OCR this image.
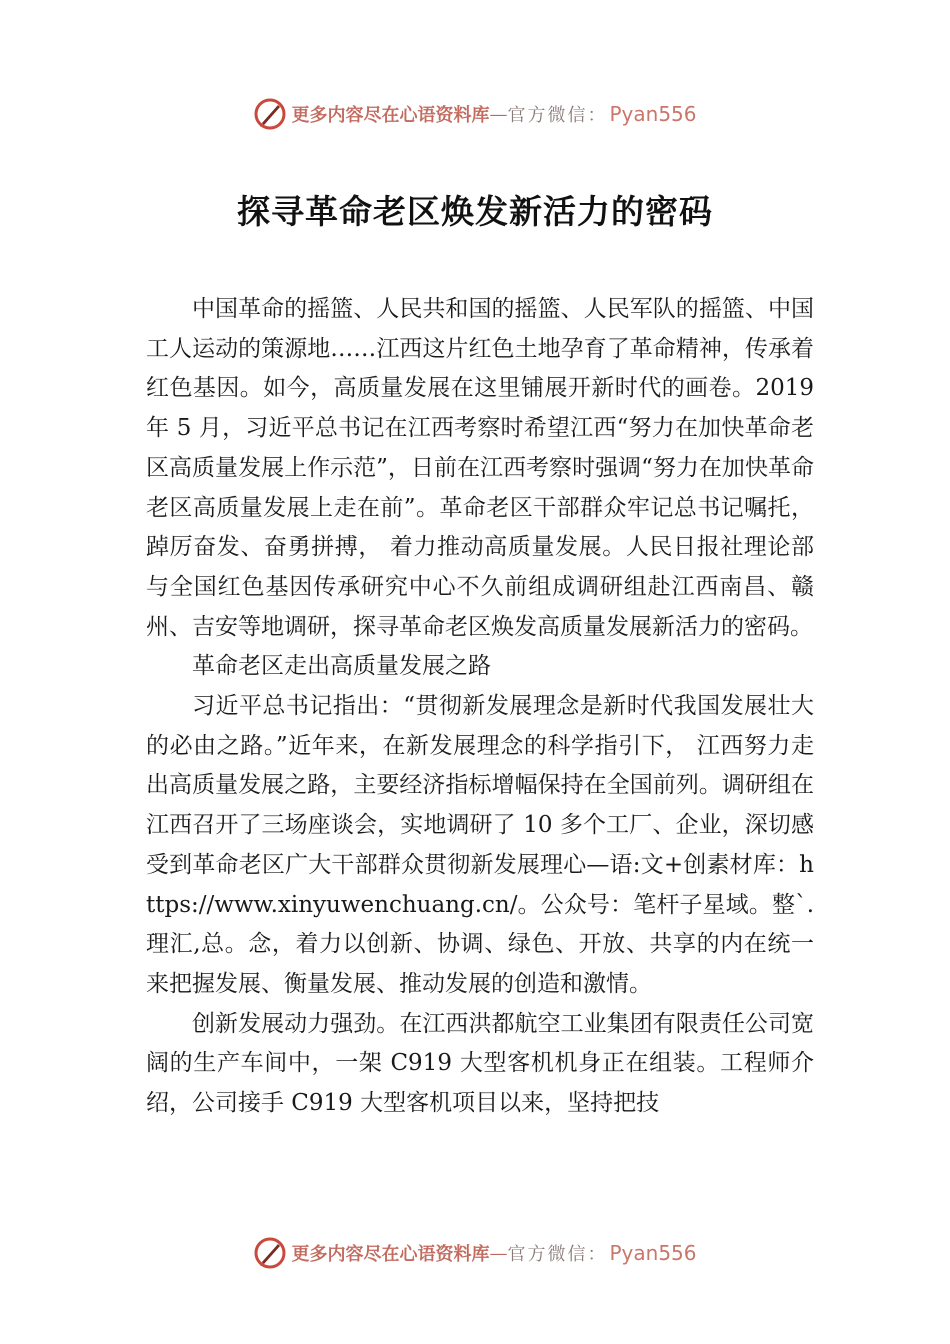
更多内容尽在心语资料库 — 官方微信： Pyan556
探寻革命老区焕发新活力的密码

中国革命的摇篮、人民共和国的摇篮、人民军队的摇篮、中国工人运动的策源地……江西这片红色土地孕育了革命精神，传承着红色基因。如今，高质量发展在这里铺展开新时代的画卷。2019 年 5 月，习近平总书记在江西考察时希望江西“努力在加快革命老区高质量发展上作示范”，日前在江西考察时强调“努力在加快革命老区高质量发展上走在前”。革命老区干部群众牢记总书记嘱托，踔厉奋发、奋勇拼搏， 着力推动高质量发展。人民日报社理论部与全国红色基因传承研究中心不久前组成调研组赴江西南昌、赣州、吉安等地调研，探寻革命老区焕发高质量发展新活力的密码。

革命老区走出高质量发展之路

习近平总书记指出：“贯彻新发展理念是新时代我国发展壮大的必由之路。”近年来，在新发展理念的科学指引下， 江西努力走出高质量发展之路，主要经济指标增幅保持在全国前列。调研组在江西召开了三场座谈会，实地调研了 10 多个工厂、企业，深切感受到革命老区广大干部群众贯彻新发展理心—语:文+创素材库：https://www.xinyuwenchuang.cn/。公众号：笔杆子星域。整`.理汇,总。念，着力以创新、协调、绿色、开放、共享的内在统一来把握发展、衡量发展、推动发展的创造和激情。

创新发展动力强劲。在江西洪都航空工业集团有限责任公司宽阔的生产车间中，一架 C919 大型客机机身正在组装。工程师介绍，公司接手 C919 大型客机项目以来，坚持把技

更多内容尽在心语资料库 — 官方微信： Pyan556
